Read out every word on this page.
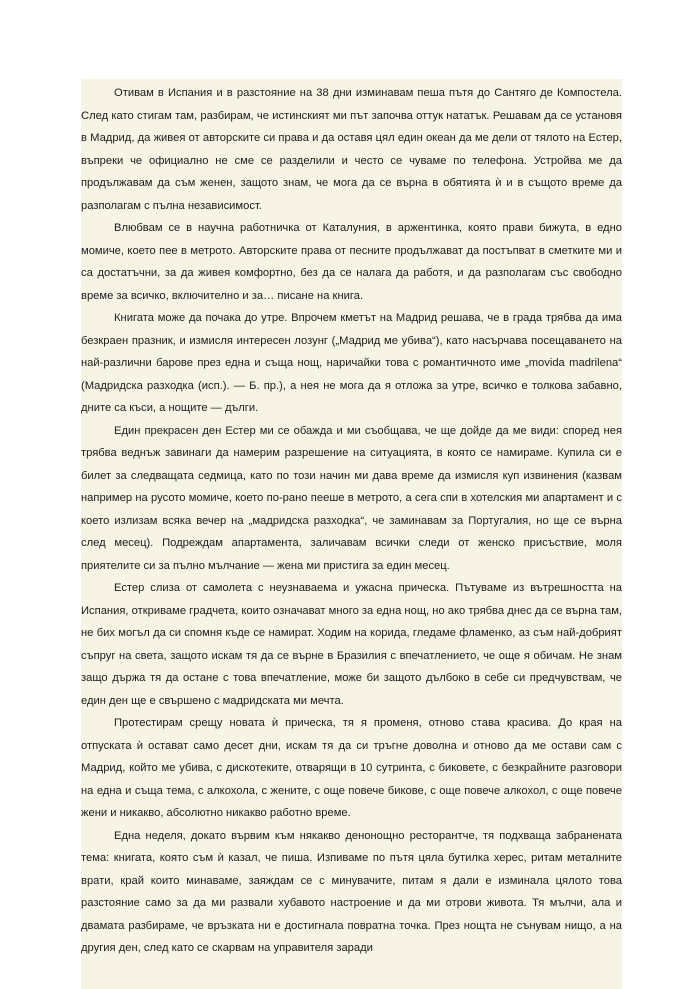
Отивам в Испания и в разстояние на 38 дни изминавам пеша пътя до Сантяго де Компостела. След като стигам там, разбирам, че истинският ми път започва оттук нататък. Решавам да се установя в Мадрид, да живея от авторските си права и да оставя цял един океан да ме дели от тялото на Естер, въпреки че официално не сме се разделили и често се чуваме по телефона. Устройва ме да продължавам да съм женен, защото знам, че мога да се върна в обятията ѝ и в същото време да разполагам с пълна независимост.

Влюбвам се в научна работничка от Каталуния, в аржентинка, която прави бижута, в едно момиче, което пее в метрото. Авторските права от песните продължават да постъпват в сметките ми и са достатъчни, за да живея комфортно, без да се налага да работя, и да разполагам със свободно време за всичко, включително и за… писане на книга.

Книгата може да почака до утре. Впрочем кметът на Мадрид решава, че в града трябва да има безкраен празник, и измисля интересен лозунг („Мадрид ме убива“), като насърчава посещаването на най-различни барове през една и съща нощ, наричайки това с романтичното име „movida madrilena“ (Мадридска разходка (исп.). — Б. пр.), а нея не мога да я отложа за утре, всичко е толкова забавно, дните са къси, а нощите — дълги.

Един прекрасен ден Естер ми се обажда и ми съобщава, че ще дойде да ме види: според нея трябва веднъж завинаги да намерим разрешение на ситуацията, в която се намираме. Купила си е билет за следващата седмица, като по този начин ми дава време да измисля куп извинения (казвам например на русото момиче, което по-рано пееше в метрото, а сега спи в хотелския ми апартамент и с което излизам всяка вечер на „мадридска разходка“, че заминавам за Португалия, но ще се върна след месец). Подреждам апартамента, заличавам всички следи от женско присъствие, моля приятелите си за пълно мълчание — жена ми пристига за един месец.

Естер слиза от самолета с неузнаваема и ужасна прическа. Пътуваме из вътрешността на Испания, откриваме градчета, които означават много за една нощ, но ако трябва днес да се върна там, не бих могъл да си спомня къде се намират. Ходим на корида, гледаме фламенко, аз съм най-добрият съпруг на света, защото искам тя да се върне в Бразилия с впечатлението, че още я обичам. Не знам защо държа тя да остане с това впечатление, може би защото дълбоко в себе си предчувствам, че един ден ще е свършено с мадридската ми мечта.

Протестирам срещу новата ѝ прическа, тя я променя, отново става красива. До края на отпуската ѝ остават само десет дни, искам тя да си тръгне доволна и отново да ме остави сам с Мадрид, който ме убива, с дискотеките, отварящи в 10 сутринта, с биковете, с безкрайните разговори на една и съща тема, с алкохола, с жените, с още повече бикове, с още повече алкохол, с още повече жени и никакво, абсолютно никакво работно време.

Една неделя, докато вървим към някакво денонощно ресторантче, тя подхваща забранената тема: книгата, която съм ѝ казал, че пиша. Изпиваме по пътя цяла бутилка херес, ритам металните врати, край които минаваме, заяждам се с минувачите, питам я дали е изминала цялото това разстояние само за да ми развали хубавото настроение и да ми отрови живота. Тя мълчи, ала и двамата разбираме, че връзката ни е достигнала повратна точка. През нощта не сънувам нищо, а на другия ден, след като се скарвам на управителя заради
